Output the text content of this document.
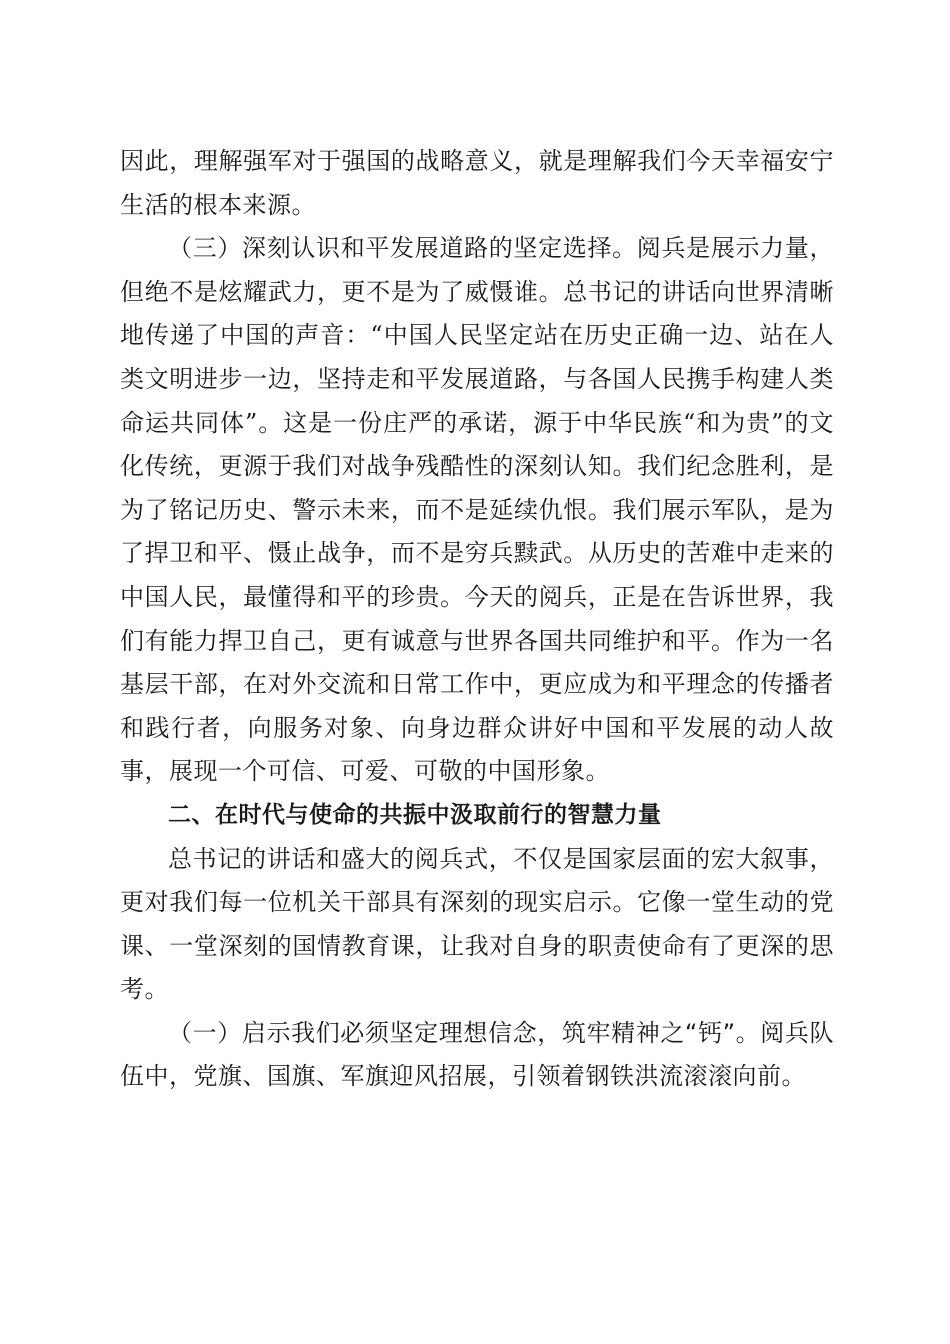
因此，理解强军对于强国的战略意义，就是理解我们今天幸福安宁生活的根本来源。

（三）深刻认识和平发展道路的坚定选择。阅兵是展示力量，但绝不是炫耀武力，更不是为了威慑谁。总书记的讲话向世界清晰地传递了中国的声音：“中国人民坚定站在历史正确一边、站在人类文明进步一边，坚持走和平发展道路，与各国人民携手构建人类命运共同体”。这是一份庄严的承诺，源于中华民族“和为贵”的文化传统，更源于我们对战争残酷性的深刻认知。我们纪念胜利，是为了铭记历史、警示未来，而不是延续仇恨。我们展示军队，是为了捍卫和平、慑止战争，而不是穷兵黩武。从历史的苦难中走来的中国人民，最懂得和平的珍贵。今天的阅兵，正是在告诉世界，我们有能力捍卫自己，更有诚意与世界各国共同维护和平。作为一名基层干部，在对外交流和日常工作中，更应成为和平理念的传播者和践行者，向服务对象、向身边群众讲好中国和平发展的动人故事，展现一个可信、可爱、可敬的中国形象。

二、在时代与使命的共振中汲取前行的智慧力量

总书记的讲话和盛大的阅兵式，不仅是国家层面的宏大叙事，更对我们每一位机关干部具有深刻的现实启示。它像一堂生动的党课、一堂深刻的国情教育课，让我对自身的职责使命有了更深的思考。

（一）启示我们必须坚定理想信念，筑牢精神之“钙”。阅兵队伍中，党旗、国旗、军旗迎风招展，引领着钢铁洪流滚滚向前。
